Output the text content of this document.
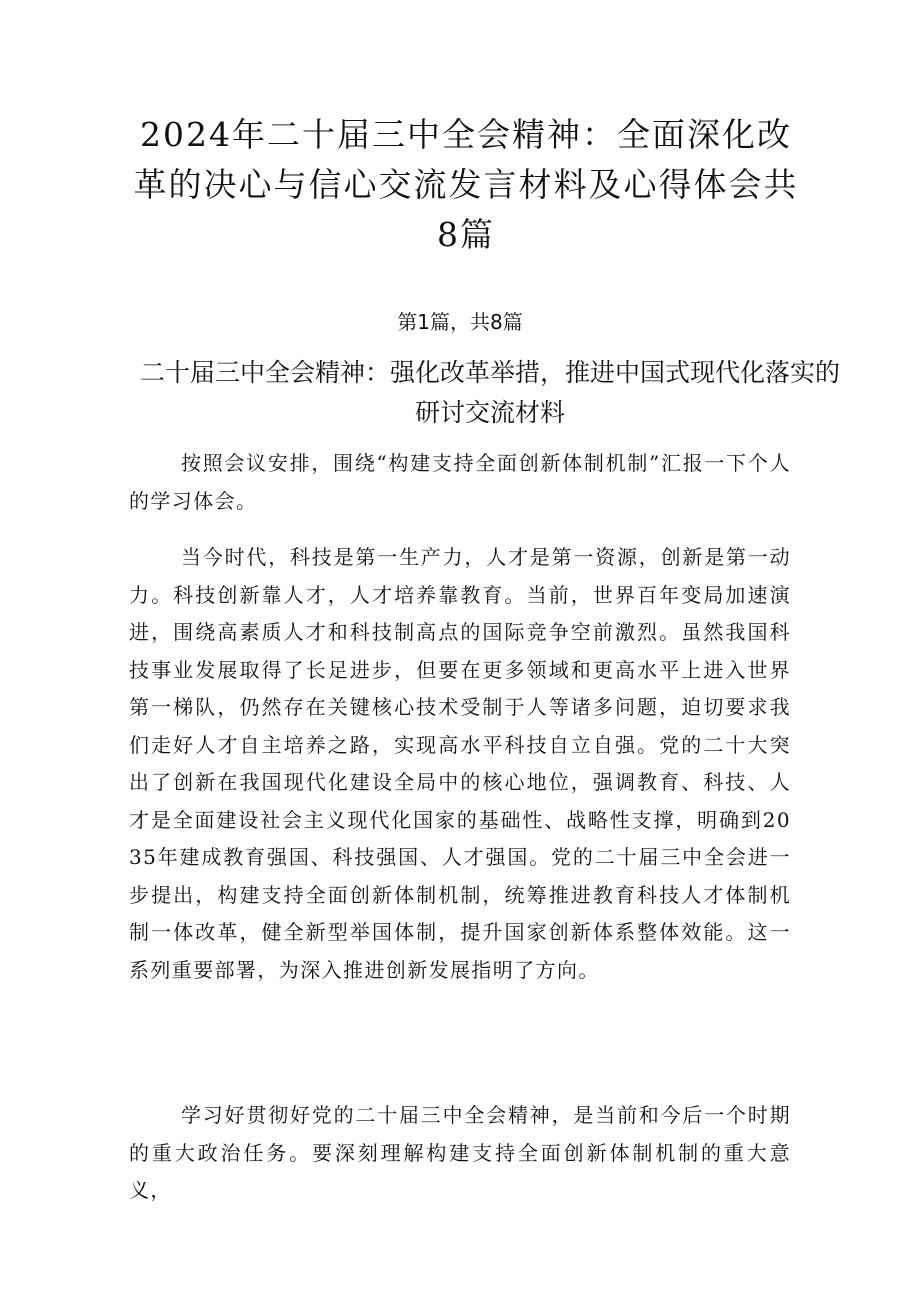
2024年二十届三中全会精神：全面深化改革的决心与信心交流发言材料及心得体会共8篇
第1篇，共8篇
二十届三中全会精神：强化改革举措，推进中国式现代化落实的研讨交流材料

按照会议安排，围绕“构建支持全面创新体制机制”汇报一下个人的学习体会。

当今时代，科技是第一生产力，人才是第一资源，创新是第一动力。科技创新靠人才，人才培养靠教育。当前，世界百年变局加速演进，围绕高素质人才和科技制高点的国际竞争空前激烈。虽然我国科技事业发展取得了长足进步，但要在更多领域和更高水平上进入世界第一梯队，仍然存在关键核心技术受制于人等诸多问题，迫切要求我们走好人才自主培养之路，实现高水平科技自立自强。党的二十大突出了创新在我国现代化建设全局中的核心地位，强调教育、科技、人才是全面建设社会主义现代化国家的基础性、战略性支撑，明确到2035年建成教育强国、科技强国、人才强国。党的二十届三中全会进一步提出，构建支持全面创新体制机制，统筹推进教育科技人才体制机制一体改革，健全新型举国体制，提升国家创新体系整体效能。这一系列重要部署，为深入推进创新发展指明了方向。

学习好贯彻好党的二十届三中全会精神，是当前和今后一个时期的重大政治任务。要深刻理解构建支持全面创新体制机制的重大意义，
